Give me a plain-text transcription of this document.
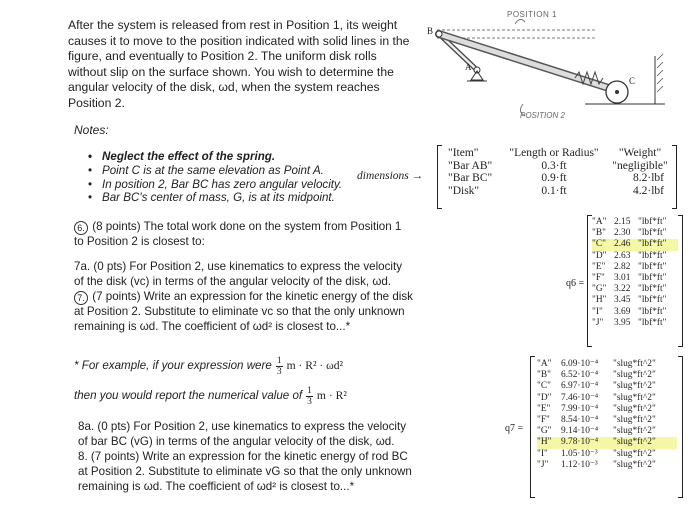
After the system is released from rest in Position 1, its weight causes it to move to the position indicated with solid lines in the figure, and eventually to Position 2. The uniform disk rolls without slip on the surface shown. You wish to determine the angular velocity of the disk, ωd, when the system reaches Position 2.
POSITION 1
POSITION 2
B
A
C
Notes:
• Neglect the effect of the spring.
• Point C is at the same elevation as Point A.
• In position 2, Bar BC has zero angular velocity.
• Bar BC's center of mass, G, is at its midpoint.
dimensions →
"Item"	"Length or Radius"	"Weight"
"Bar AB"	0.3·ft	"negligible"
"Bar BC"	0.9·ft	8.2·lbf
"Disk"	0.1·ft	4.2·lbf
6. (8 points) The total work done on the system from Position 1 to Position 2 is closest to:
q6 =
"A" 2.15 "lbf*ft"
"B" 2.30 "lbf*ft"
"C" 2.46 "lbf*ft"
"D" 2.63 "lbf*ft"
"E" 2.82 "lbf*ft"
"F" 3.01 "lbf*ft"
"G" 3.22 "lbf*ft"
"H" 3.45 "lbf*ft"
"I"	3.69 "lbf*ft"
"J"	3.95 "lbf*ft"
7a. (0 pts) For Position 2, use kinematics to express the velocity of the disk (vc) in terms of the angular velocity of the disk, ωd.
7. (7 points) Write an expression for the kinetic energy of the disk at Position 2. Substitute to eliminate vc so that the only unknown remaining is ωd. The coefficient of ωd² is closest to...*
* For example, if your expression were 1
3 m · R² · ωd²
then you would report the numerical value of 1
3 m · R²
8a. (0 pts) For Position 2, use kinematics to express the velocity of bar BC (vG) in terms of the angular velocity of the disk, ωd.
8. (7 points) Write an expression for the kinetic energy of rod BC at Position 2. Substitute to eliminate vG so that the only unknown remaining is ωd. The coefficient of ωd² is closest to...*
q7 =
"A"	6.09·10⁻⁴	"slug*ft^2"
"B"	6.52·10⁻⁴	"slug*ft^2"
"C"	6.97·10⁻⁴	"slug*ft^2"
"D"	7.46·10⁻⁴	"slug*ft^2"
"E"	7.99·10⁻⁴	"slug*ft^2"
"F"	8.54·10⁻⁴	"slug*ft^2"
"G"	9.14·10⁻⁴	"slug*ft^2"
"H"	9.78·10⁻⁴	"slug*ft^2"
"I"	1.05·10⁻³	"slug*ft^2"
"J"	1.12·10⁻³	"slug*ft^2"
